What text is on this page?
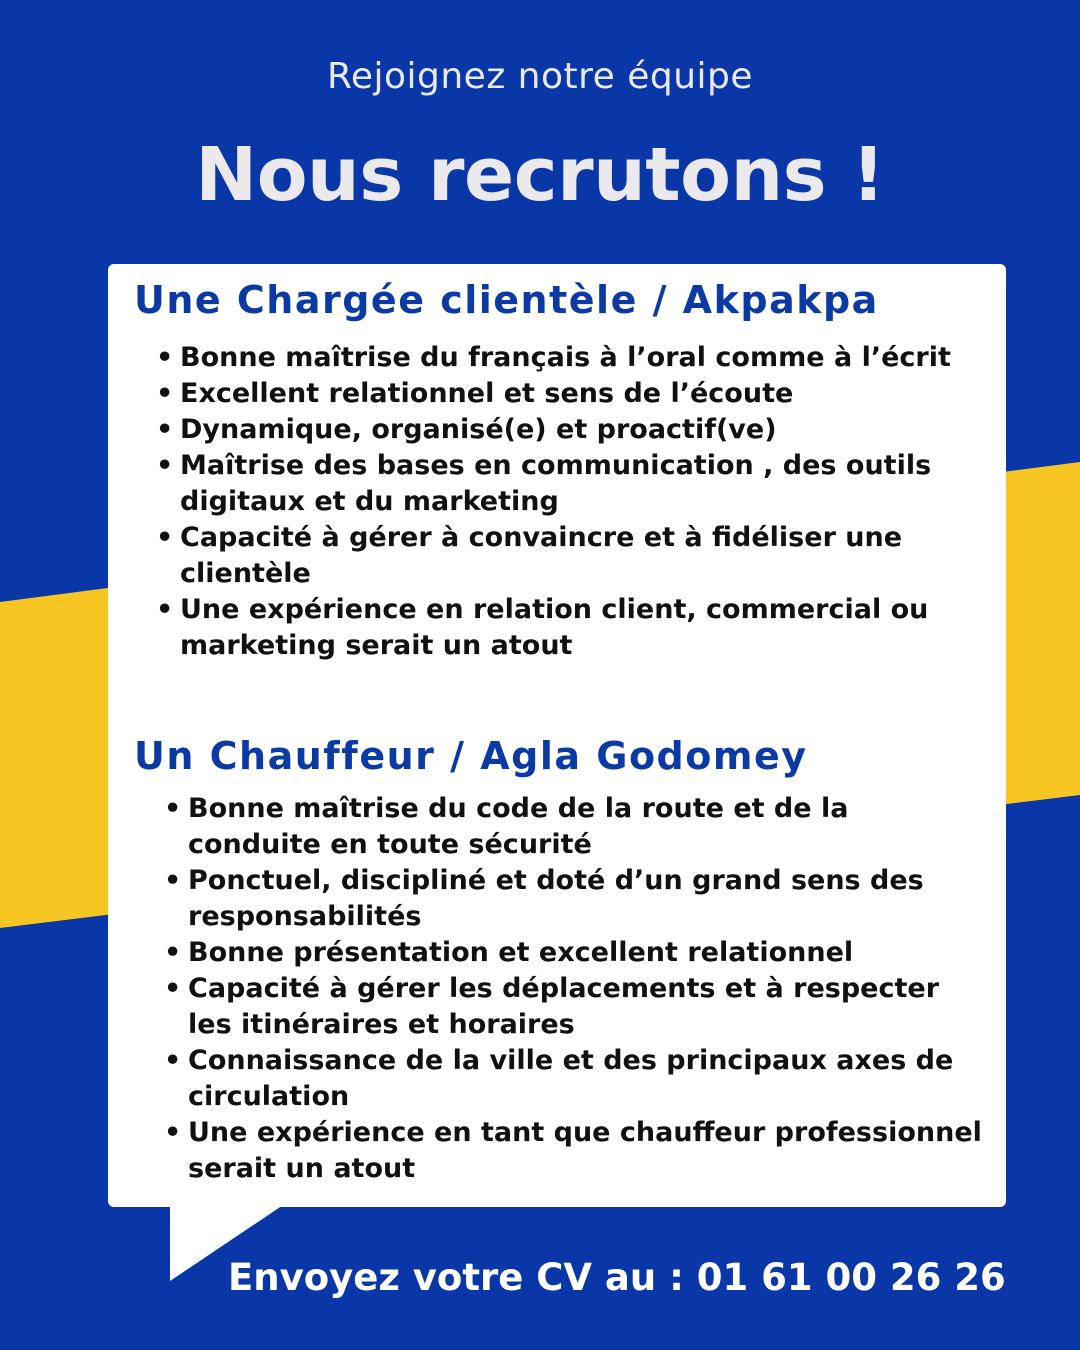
Rejoignez notre équipe
Nous recrutons !
Une Chargée clientèle / Akpakpa
• Bonne maîtrise du français à l’oral comme à l’écrit
• Excellent relationnel et sens de l’écoute
• Dynamique, organisé(e) et proactif(ve)
• Maîtrise des bases en communication , des outils digitaux et du marketing
• Capacité à gérer à convaincre et à fidéliser une clientèle
• Une expérience en relation client, commercial ou marketing serait un atout
Un Chauffeur / Agla Godomey
• Bonne maîtrise du code de la route et de la conduite en toute sécurité
• Ponctuel, discipliné et doté d’un grand sens des responsabilités
• Bonne présentation et excellent relationnel
• Capacité à gérer les déplacements et à respecter les itinéraires et horaires
• Connaissance de la ville et des principaux axes de circulation
• Une expérience en tant que chauffeur professionnel serait un atout
Envoyez votre CV au : 01 61 00 26 26
